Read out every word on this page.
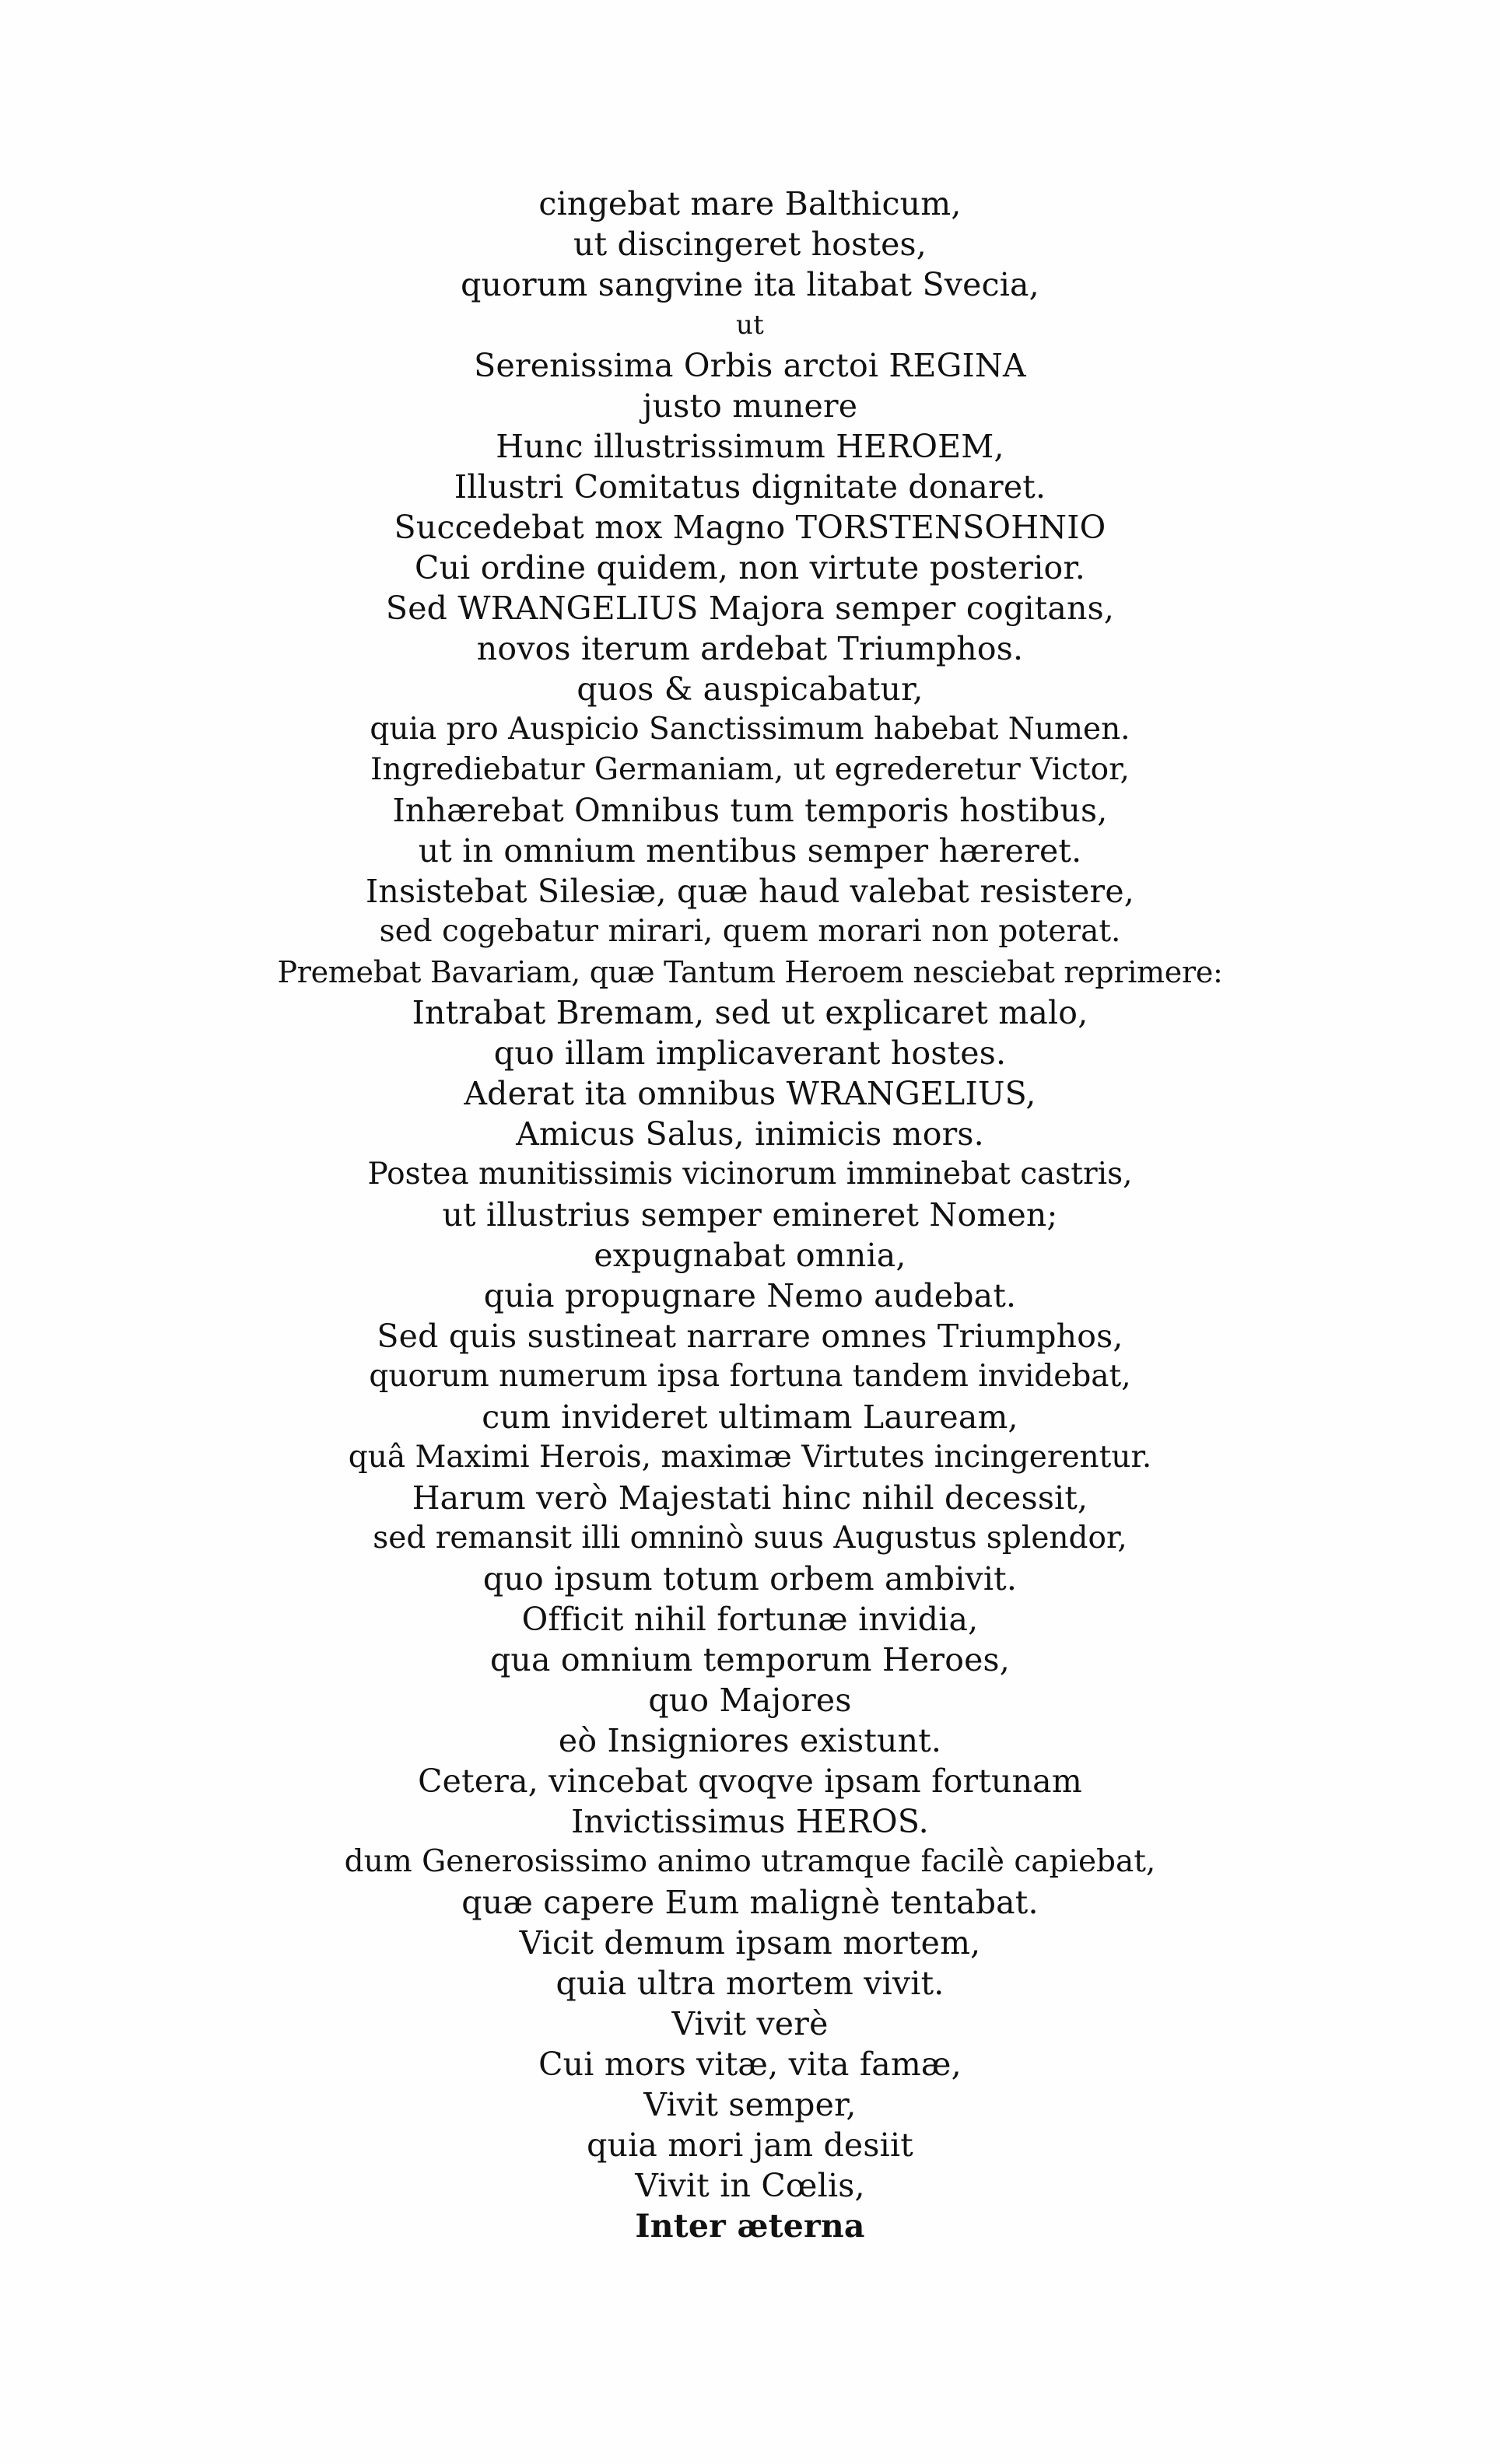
cingebat mare Balthicum,
ut discingeret hostes,
quorum sangvine ita litabat Svecia,
ut
Serenissima Orbis arctoi REGINA
justo munere
Hunc illustrissimum HEROEM,
Illustri Comitatus dignitate donaret.
Succedebat mox Magno TORSTENSOHNIO
Cui ordine quidem, non virtute posterior.
Sed WRANGELIUS Majora semper cogitans,
novos iterum ardebat Triumphos.
quos & auspicabatur,
quia pro Auspicio Sanctissimum habebat Numen.
Ingrediebatur Germaniam, ut egrederetur Victor,
Inhærebat Omnibus tum temporis hostibus,
ut in omnium mentibus semper hæreret.
Insistebat Silesiæ, quæ haud valebat resistere,
sed cogebatur mirari, quem morari non poterat.
Premebat Bavariam, quæ Tantum Heroem nesciebat reprimere:
Intrabat Bremam, sed ut explicaret malo,
quo illam implicaverant hostes.
Aderat ita omnibus WRANGELIUS,
Amicus Salus, inimicis mors.
Postea munitissimis vicinorum imminebat castris,
ut illustrius semper emineret Nomen;
expugnabat omnia,
quia propugnare Nemo audebat.
Sed quis sustineat narrare omnes Triumphos,
quorum numerum ipsa fortuna tandem invidebat,
cum invideret ultimam Lauream,
quâ Maximi Herois, maximæ Virtutes incingerentur.
Harum verò Majestati hinc nihil decessit,
sed remansit illi omninò suus Augustus splendor,
quo ipsum totum orbem ambivit.
Officit nihil fortunæ invidia,
qua omnium temporum Heroes,
quo Majores
eò Insigniores existunt.
Cetera, vincebat qvoqve ipsam fortunam
Invictissimus HEROS.
dum Generosissimo animo utramque facilè capiebat,
quæ capere Eum malignè tentabat.
Vicit demum ipsam mortem,
quia ultra mortem vivit.
Vivit verè
Cui mors vitæ, vita famæ,
Vivit semper,
quia mori jam desiit
Vivit in Cœlis,
Inter æterna
